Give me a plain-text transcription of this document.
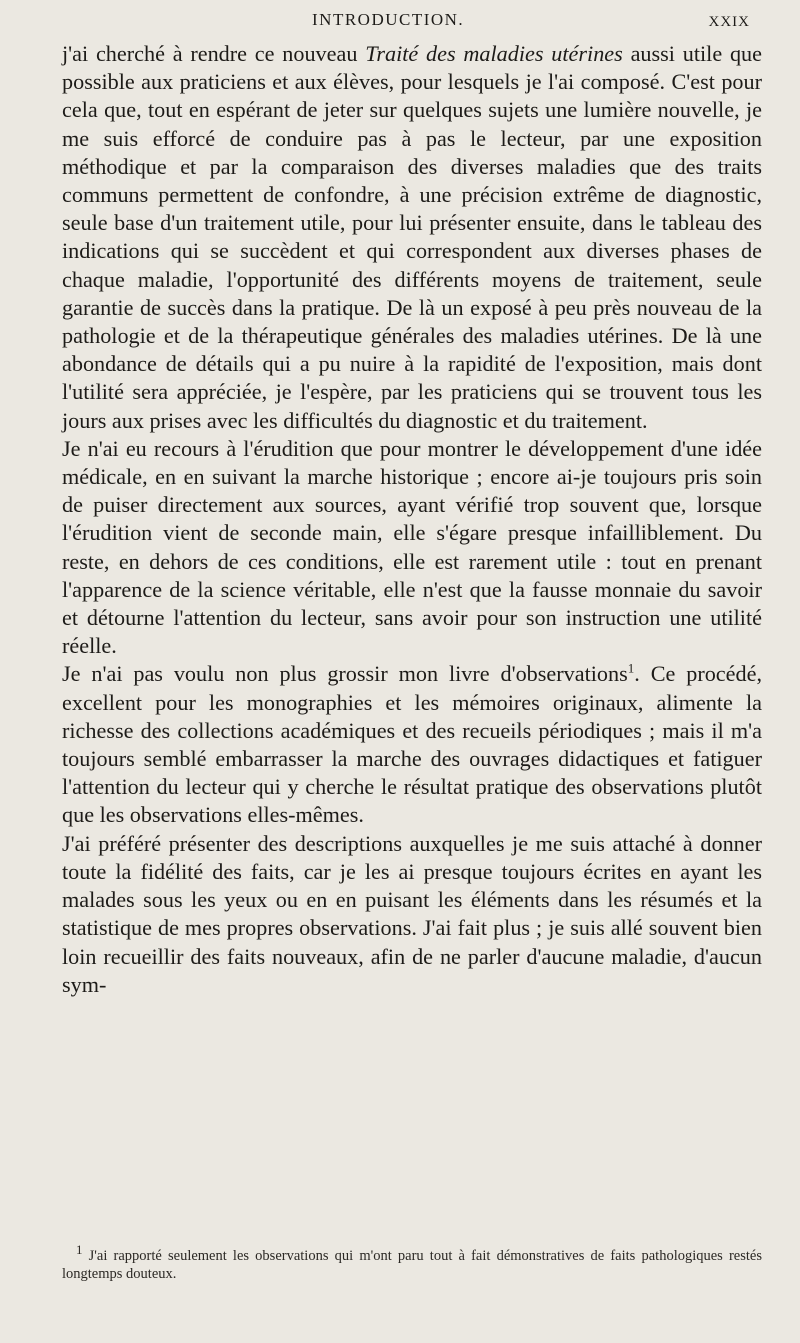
INTRODUCTION.	XXIX

j'ai cherché à rendre ce nouveau Traité des maladies utérines aussi utile que possible aux praticiens et aux élèves, pour lesquels je l'ai composé. C'est pour cela que, tout en espérant de jeter sur quelques sujets une lumière nouvelle, je me suis efforcé de conduire pas à pas le lecteur, par une exposition méthodique et par la comparaison des diverses maladies que des traits communs permettent de confondre, à une précision extrême de diagnostic, seule base d'un traitement utile, pour lui présenter ensuite, dans le tableau des indications qui se succèdent et qui correspondent aux diverses phases de chaque maladie, l'opportunité des différents moyens de traitement, seule garantie de succès dans la pratique. De là un exposé à peu près nouveau de la pathologie et de la thérapeutique générales des maladies utérines. De là une abondance de détails qui a pu nuire à la rapidité de l'exposition, mais dont l'utilité sera appréciée, je l'espère, par les praticiens qui se trouvent tous les jours aux prises avec les difficultés du diagnostic et du traitement.

Je n'ai eu recours à l'érudition que pour montrer le développement d'une idée médicale, en en suivant la marche historique ; encore ai-je toujours pris soin de puiser directement aux sources, ayant vérifié trop souvent que, lorsque l'érudition vient de seconde main, elle s'égare presque infailliblement. Du reste, en dehors de ces conditions, elle est rarement utile : tout en prenant l'apparence de la science véritable, elle n'est que la fausse monnaie du savoir et détourne l'attention du lecteur, sans avoir pour son instruction une utilité réelle.

Je n'ai pas voulu non plus grossir mon livre d'observations$^1$. Ce procédé, excellent pour les monographies et les mémoires originaux, alimente la richesse des collections académiques et des recueils périodiques ; mais il m'a toujours semblé embarrasser la marche des ouvrages didactiques et fatiguer l'attention du lecteur qui y cherche le résultat pratique des observations plutôt que les observations elles-mêmes.

J'ai préféré présenter des descriptions auxquelles je me suis attaché à donner toute la fidélité des faits, car je les ai presque toujours écrites en ayant les malades sous les yeux ou en en puisant les éléments dans les résumés et la statistique de mes propres observations. J'ai fait plus ; je suis allé souvent bien loin recueillir des faits nouveaux, afin de ne parler d'aucune maladie, d'aucun sym-

$^1$ J'ai rapporté seulement les observations qui m'ont paru tout à fait démonstratives de faits pathologiques restés longtemps douteux.
